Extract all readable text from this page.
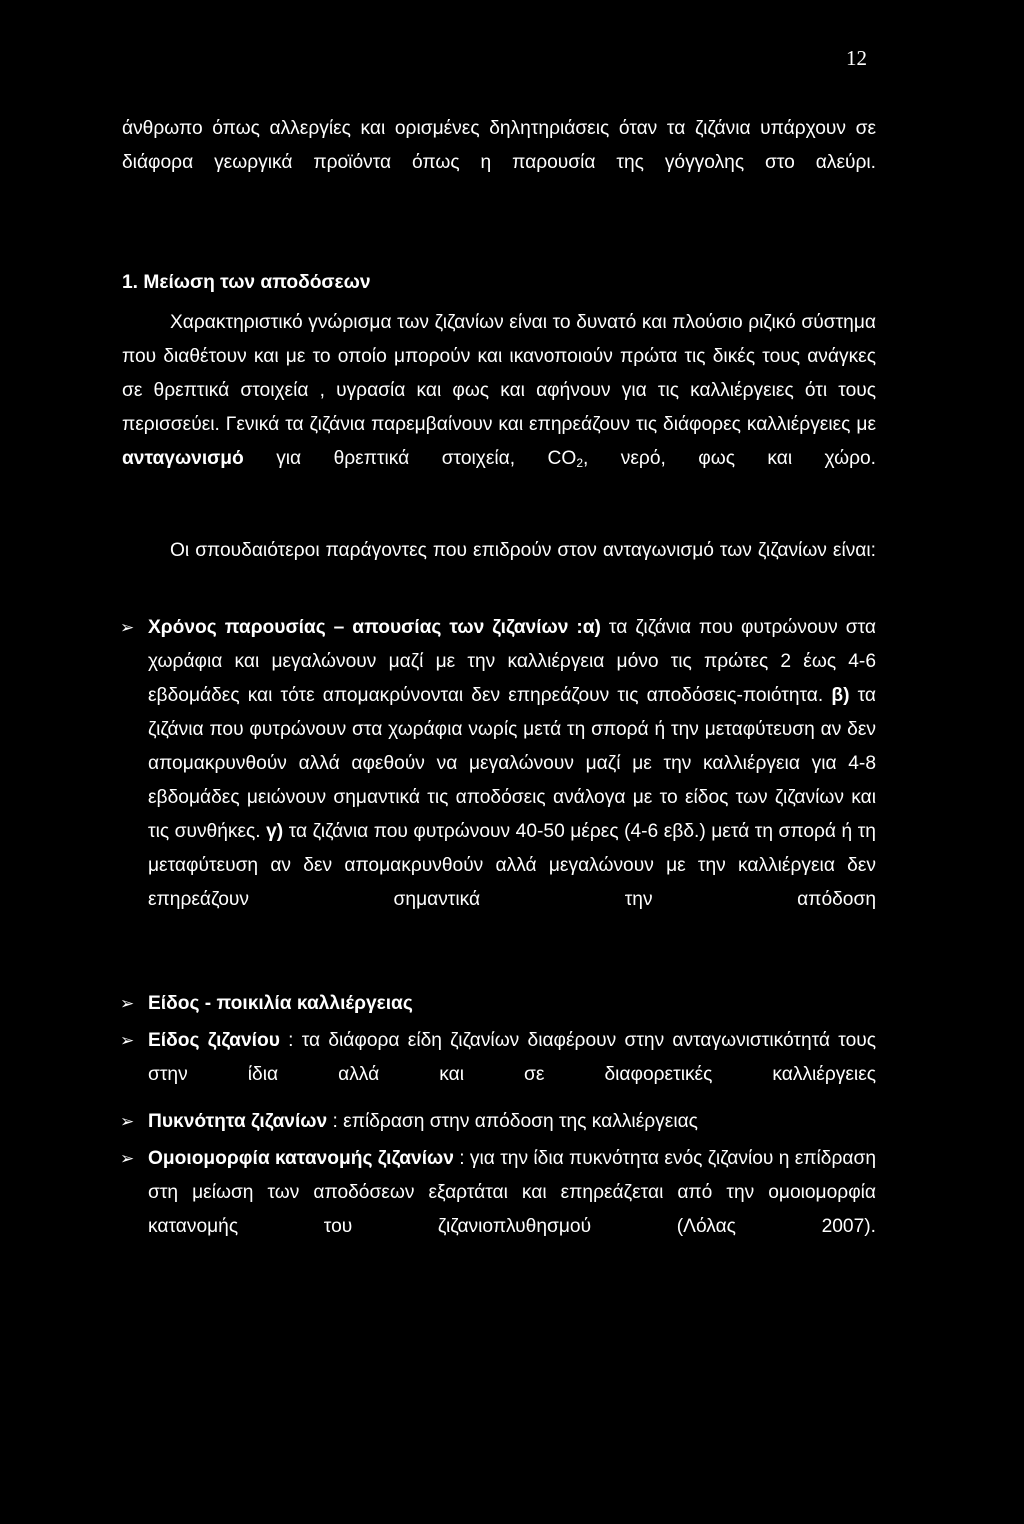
12
άνθρωπο όπως αλλεργίες και ορισμένες δηλητηριάσεις όταν τα ζιζάνια υπάρχουν σε διάφορα γεωργικά προϊόντα όπως η παρουσία της γόγγολης στο αλεύρι.
1. Μείωση των αποδόσεων
Χαρακτηριστικό γνώρισμα των ζιζανίων είναι το δυνατό και πλούσιο ριζικό σύστημα που διαθέτουν και με το οποίο μπορούν και ικανοποιούν πρώτα τις δικές τους ανάγκες σε θρεπτικά στοιχεία , υγρασία και φως και αφήνουν για τις καλλιέργειες ότι τους περισσεύει. Γενικά τα ζιζάνια παρεμβαίνουν και επηρεάζουν τις διάφορες καλλιέργειες με ανταγωνισμό για θρεπτικά στοιχεία, $CO_2$, νερό, φως και χώρο.
Οι σπουδαιότεροι παράγοντες που επιδρούν στον ανταγωνισμό των ζιζανίων είναι:
➢ Χρόνος παρουσίας – απουσίας των ζιζανίων :α) τα ζιζάνια που φυτρώνουν στα χωράφια και μεγαλώνουν μαζί με την καλλιέργεια μόνο τις πρώτες 2 έως 4-6 εβδομάδες και τότε απομακρύνονται δεν επηρεάζουν τις αποδόσεις-ποιότητα. β) τα ζιζάνια που φυτρώνουν στα χωράφια νωρίς μετά τη σπορά ή την μεταφύτευση αν δεν απομακρυνθούν αλλά αφεθούν να μεγαλώνουν μαζί με την καλλιέργεια για 4-8 εβδομάδες μειώνουν σημαντικά τις αποδόσεις ανάλογα με το είδος των ζιζανίων και τις συνθήκες. γ) τα ζιζάνια που φυτρώνουν 40-50 μέρες (4-6 εβδ.) μετά τη σπορά ή τη μεταφύτευση αν δεν απομακρυνθούν αλλά μεγαλώνουν με την καλλιέργεια δεν επηρεάζουν σημαντικά την απόδοση
➢ Είδος - ποικιλία καλλιέργειας
➢ Είδος ζιζανίου : τα διάφορα είδη ζιζανίων διαφέρουν στην ανταγωνιστικότητά τους στην ίδια αλλά και σε διαφορετικές καλλιέργειες
➢ Πυκνότητα ζιζανίων : επίδραση στην απόδοση της καλλιέργειας
➢ Ομοιομορφία κατανομής ζιζανίων : για την ίδια πυκνότητα ενός ζιζανίου η επίδραση στη μείωση των αποδόσεων εξαρτάται και επηρεάζεται από την ομοιομορφία κατανομής του ζιζανιοπλυθησμού (Λόλας 2007).
